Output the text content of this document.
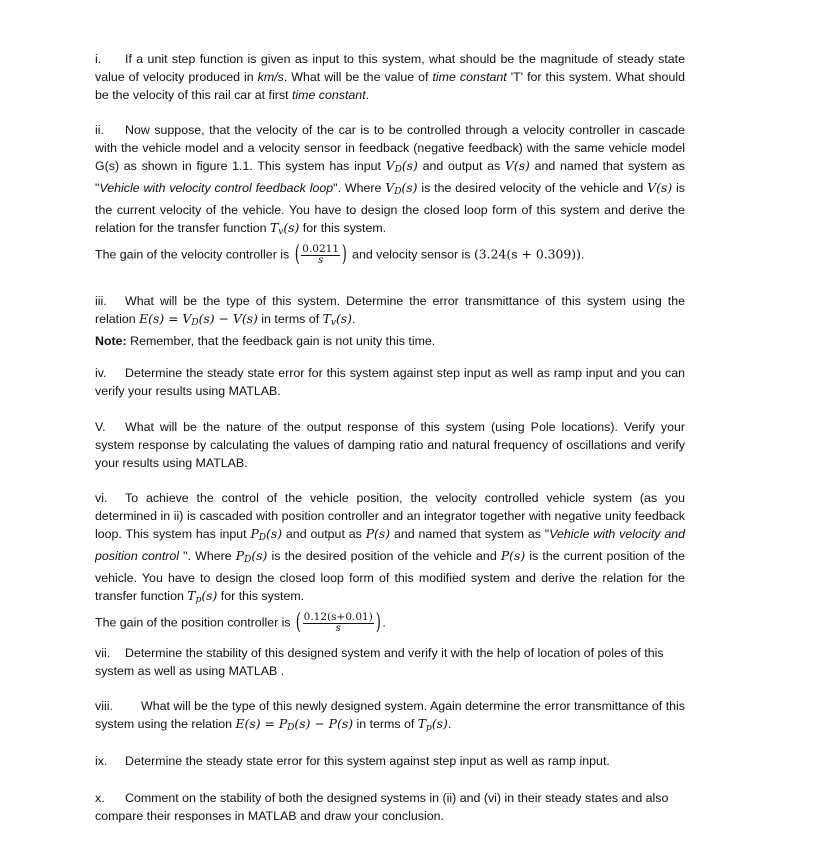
i. If a unit step function is given as input to this system, what should be the magnitude of steady state value of velocity produced in km/s. What will be the value of time constant 'T' for this system. What should be the velocity of this rail car at first time constant.

ii. Now suppose, that the velocity of the car is to be controlled through a velocity controller in cascade with the vehicle model and a velocity sensor in feedback (negative feedback) with the same vehicle model G(s) as shown in figure 1.1. This system has input $V_D(s)$ and output as V(s) and named that system as "Vehicle with velocity control feedback loop". Where $V_D(s)$ is the desired velocity of the vehicle and V(s) is the current velocity of the vehicle. You have to design the closed loop form of this system and derive the relation for the transfer function $T_v(s)$ for this system.

The gain of the velocity controller is ( 0.0211
s ) and velocity sensor is (3.24(s + 0.309)).

iii. What will be the type of this system. Determine the error transmittance of this system using the relation $E(s) = V_D(s) - V(s)$ in terms of $T_v(s)$.

Note: Remember, that the feedback gain is not unity this time.

iv. Determine the steady state error for this system against step input as well as ramp input and you can verify your results using MATLAB.

V. What will be the nature of the output response of this system (using Pole locations). Verify your system response by calculating the values of damping ratio and natural frequency of oscillations and verify your results using MATLAB.

vi. To achieve the control of the vehicle position, the velocity controlled vehicle system (as you determined in ii) is cascaded with position controller and an integrator together with negative unity feedback loop. This system has input $P_D(s)$ and output as P(s) and named that system as "Vehicle with velocity and position control ". Where $P_D(s)$ is the desired position of the vehicle and P(s) is the current position of the vehicle. You have to design the closed loop form of this modified system and derive the relation for the transfer function $T_p(s)$ for this system.

The gain of the position controller is ( 0.12(s+0.01)
s ) .

vii. Determine the stability of this designed system and verify it with the help of location of poles of this system as well as using MATLAB .

viii. What will be the type of this newly designed system. Again determine the error transmittance of this system using the relation $E(s) = P_D(s) - P(s)$ in terms of $T_p(s)$.

ix. Determine the steady state error for this system against step input as well as ramp input.

x. Comment on the stability of both the designed systems in (ii) and (vi) in their steady states and also compare their responses in MATLAB and draw your conclusion.
